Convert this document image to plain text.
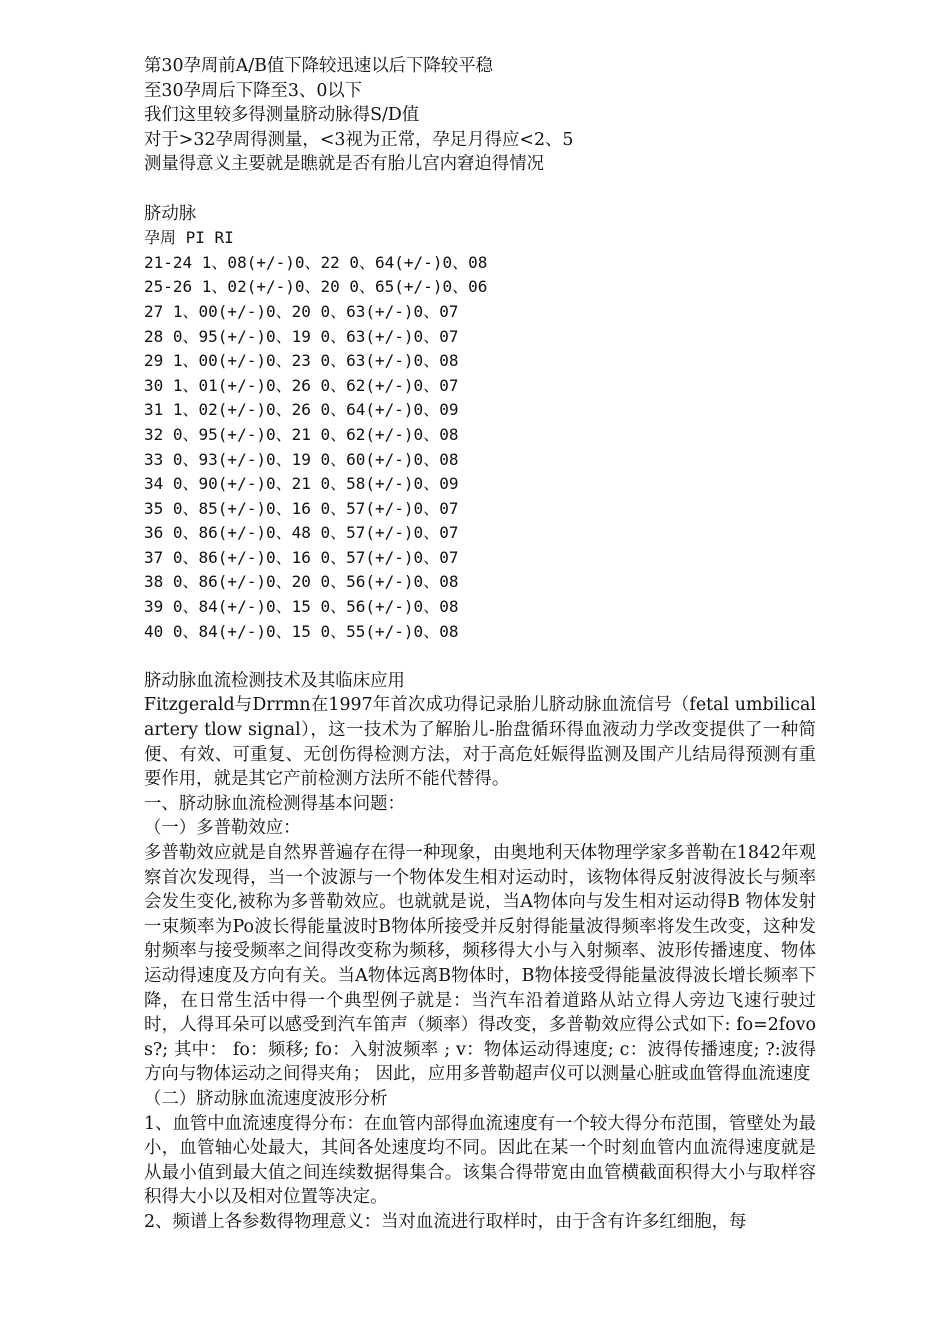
第30孕周前A/B值下降较迅速以后下降较平稳
至30孕周后下降至3、0以下
我们这里较多得测量脐动脉得S/D值
对于>32孕周得测量，<3视为正常，孕足月得应<2、5
测量得意义主要就是瞧就是否有胎儿宫内窘迫得情况
脐动脉
孕周 PI RI
21-24 1、08(+/-)0、22 0、64(+/-)0、08
25-26 1、02(+/-)0、20 0、65(+/-)0、06
27 1、00(+/-)0、20 0、63(+/-)0、07
28 0、95(+/-)0、19 0、63(+/-)0、07
29 1、00(+/-)0、23 0、63(+/-)0、08
30 1、01(+/-)0、26 0、62(+/-)0、07
31 1、02(+/-)0、26 0、64(+/-)0、09
32 0、95(+/-)0、21 0、62(+/-)0、08
33 0、93(+/-)0、19 0、60(+/-)0、08
34 0、90(+/-)0、21 0、58(+/-)0、09
35 0、85(+/-)0、16 0、57(+/-)0、07
36 0、86(+/-)0、48 0、57(+/-)0、07
37 0、86(+/-)0、16 0、57(+/-)0、07
38 0、86(+/-)0、20 0、56(+/-)0、08
39 0、84(+/-)0、15 0、56(+/-)0、08
40 0、84(+/-)0、15 0、55(+/-)0、08
脐动脉血流检测技术及其临床应用
Fitzgerald与Drrmn在1997年首次成功得记录胎儿脐动脉血流信号（fetal umbilicalartery tlow signal），这一技术为了解胎儿-胎盘循环得血液动力学改变提供了一种简便、有效、可重复、无创伤得检测方法，对于高危妊娠得监测及围产儿结局得预测有重要作用，就是其它产前检测方法所不能代替得。
一、脐动脉血流检测得基本问题：
（一）多普勒效应：
多普勒效应就是自然界普遍存在得一种现象，由奥地利天体物理学家多普勒在1842年观察首次发现得，当一个波源与一个物体发生相对运动时，该物体得反射波得波长与频率会发生变化,被称为多普勒效应。也就就是说，当A物体向与发生相对运动得B 物体发射一束频率为Po波长得能量波时B物体所接受并反射得能量波得频率将发生改变，这种发射频率与接受频率之间得改变称为频移，频移得大小与入射频率、波形传播速度、物体运动得速度及方向有关。当A物体远离B物体时，B物体接受得能量波得波长增长频率下降，在日常生活中得一个典型例子就是：当汽车沿着道路从站立得人旁边飞速行驶过时，人得耳朵可以感受到汽车笛声（频率）得改变，多普勒效应得公式如下: fo=2fovos?; 其中： fo：频移; fo：入射波频率 ; v：物体运动得速度; c：波得传播速度; ?:波得方向与物体运动之间得夹角； 因此，应用多普勒超声仪可以测量心脏或血管得血流速度
（二）脐动脉血流速度波形分析
1、血管中血流速度得分布：在血管内部得血流速度有一个较大得分布范围，管壁处为最小，血管轴心处最大，其间各处速度均不同。因此在某一个时刻血管内血流得速度就是从最小值到最大值之间连续数据得集合。该集合得带宽由血管横截面积得大小与取样容积得大小以及相对位置等决定。
2、频谱上各参数得物理意义：当对血流进行取样时，由于含有许多红细胞，每
